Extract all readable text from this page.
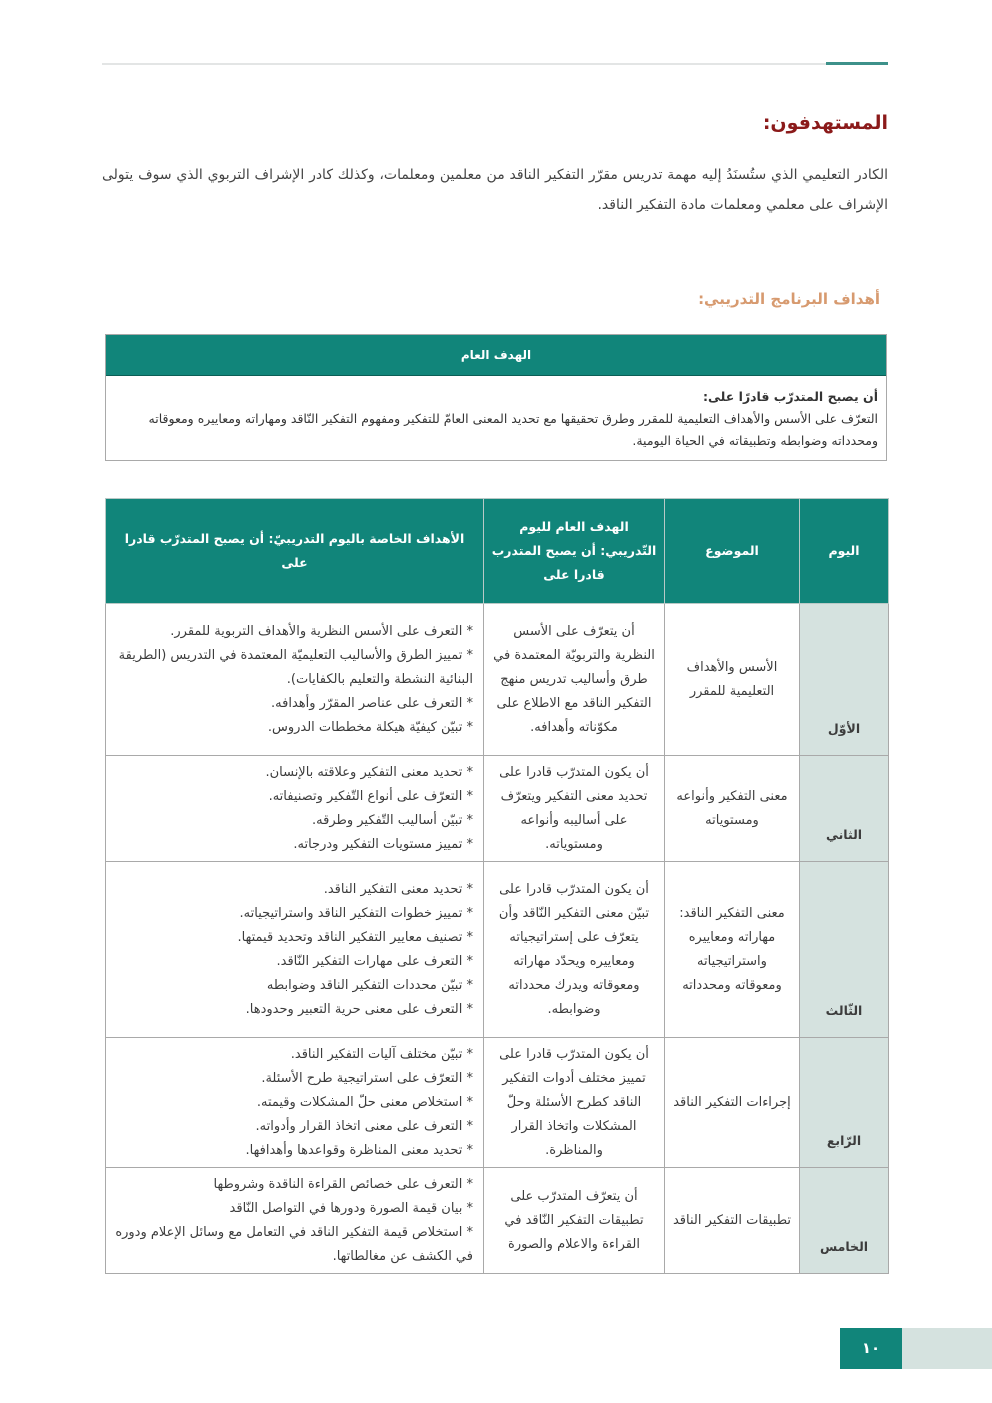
المستهدفون:

الكادر التعليمي الذي ستُسنَدُ إليه مهمة تدريس مقرّر التفكير الناقد من معلمين ومعلمات، وكذلك كادر الإشراف التربوي الذي سوف يتولى الإشراف على معلمي ومعلمات مادة التفكير الناقد.

أهداف البرنامج التدريبي:
الهدف العام
أن يصبح المتدرّب قادرًا على:
التعرّف على الأسس والأهداف التعليمية للمقرر وطرق تحقيقها مع تحديد المعنى العامّ للتفكير ومفهوم التفكير النّاقد ومهاراته ومعاييره ومعوقاته ومحدداته وضوابطه وتطبيقاته في الحياة اليومية.
اليوم	الموضوع	الهدف العام لليوم التّدريبي: أن يصبح المتدرب قادرا على	الأهداف الخاصة باليوم التدريبيّ: أن يصبح المتدرّب قادرا على
الأوّل	الأسس والأهداف التعليمية للمقرر	أن يتعرّف على الأسس النظرية والتربويّة المعتمدة في طرق وأساليب تدريس منهج التفكير الناقد مع الاطلاع على مكوّناته وأهدافه.	* التعرف على الأسس النظرية والأهداف التربوية للمقرر.
* تمييز الطرق والأساليب التعليميّة المعتمدة في التدريس (الطريقة البنائية النشطة والتعليم بالكفايات).
* التعرف على عناصر المقرّر وأهدافه.
* تبيّن كيفيّة هيكلة مخططات الدروس.

الثاني	معنى التفكير وأنواعه ومستوياته	أن يكون المتدرّب قادرا على تحديد معنى التفكير ويتعرّف على أساليبه وأنواعه ومستوياته.	* تحديد معنى التفكير وعلاقته بالإنسان.
* التعرّف على أنواع التّفكير وتصنيفاته.
* تبيّن أساليب التّفكير وطرقه.
* تمييز مستويات التفكير ودرجاته.

الثّالث	معنى التفكير الناقد: مهاراته ومعاييره واستراتيجياته ومعوقاته ومحدداته	أن يكون المتدرّب قادرا على تبيّن معنى التفكير النّاقد وأن يتعرّف على إستراتيجياته ومعاييره ويحدّد مهاراته ومعوقاته ويدرك محدداته وضوابطه.	
* تحديد معنى التفكير الناقد.
* تمييز خطوات التفكير الناقد واستراتيجياته.
* تصنيف معايير التفكير الناقد وتحديد قيمتها.
* التعرف على مهارات التفكير النّاقد.
* تبيّن محددات التفكير الناقد وضوابطه
* التعرف على معنى حرية التعبير وحدودها.

الرّابع	إجراءات التفكير الناقد	أن يكون المتدرّب قادرا على تمييز مختلف أدوات التفكير الناقد كطرح الأسئلة وحلّ المشكلات واتخاذ القرار والمناظرة.	* تبيّن مختلف آليات التفكير الناقد.
* التعرّف على استراتيجية طرح الأسئلة.
* استخلاص معنى حلّ المشكلات وقيمته.
* التعرف على معنى اتخاذ القرار وأدواته.
* تحديد معنى المناظرة وقواعدها وأهدافها.

الخامس	تطبيقات التفكير الناقد	أن يتعرّف المتدرّب على تطبيقات التفكير النّاقد في القراءة والاعلام والصورة	* التعرف على خصائص القراءة الناقدة وشروطها
* بيان قيمة الصورة ودورها في التواصل النّاقد
* استخلاص قيمة التفكير الناقد في التعامل مع وسائل الإعلام ودوره في الكشف عن مغالطاتها.
١٠
